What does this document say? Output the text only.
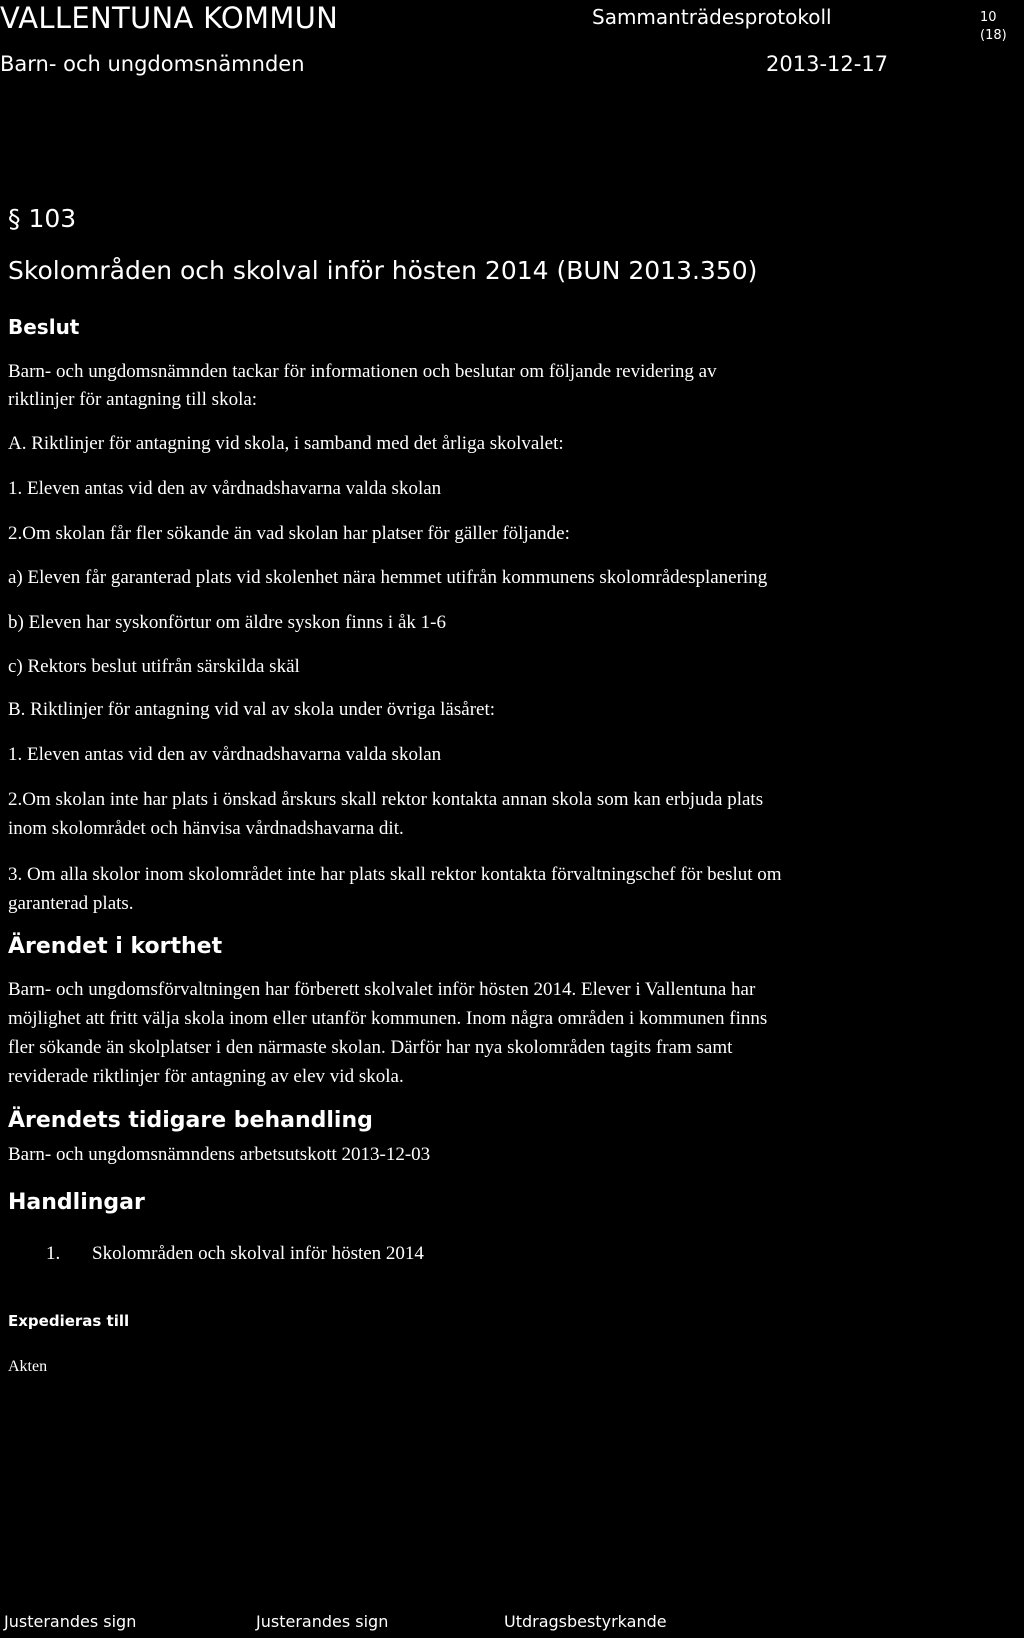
VALLENTUNA KOMMUN	Sammanträdesprotokoll	10 (18)
Barn- och ungdomsnämnden	2013-12-17
§ 103
Skolområden och skolval inför hösten 2014 (BUN 2013.350)
Beslut
Barn- och ungdomsnämnden tackar för informationen och beslutar om följande revidering av
riktlinjer för antagning till skola:
A. Riktlinjer för antagning vid skola, i samband med det årliga skolvalet:
1. Eleven antas vid den av vårdnadshavarna valda skolan
2.Om skolan får fler sökande än vad skolan har platser för gäller följande:
a) Eleven får garanterad plats vid skolenhet nära hemmet utifrån kommunens skolområdesplanering
b) Eleven har syskonförtur om äldre syskon finns i åk 1-6
c) Rektors beslut utifrån särskilda skäl
B. Riktlinjer för antagning vid val av skola under övriga läsåret:
1. Eleven antas vid den av vårdnadshavarna valda skolan
2.Om skolan inte har plats i önskad årskurs skall rektor kontakta annan skola som kan erbjuda plats
inom skolområdet och hänvisa vårdnadshavarna dit.
3. Om alla skolor inom skolområdet inte har plats skall rektor kontakta förvaltningschef för beslut om
garanterad plats.
Ärendet i korthet
Barn- och ungdomsförvaltningen har förberett skolvalet inför hösten 2014. Elever i Vallentuna har
möjlighet att fritt välja skola inom eller utanför kommunen. Inom några områden i kommunen finns
fler sökande än skolplatser i den närmaste skolan. Därför har nya skolområden tagits fram samt
reviderade riktlinjer för antagning av elev vid skola.
Ärendets tidigare behandling
Barn- och ungdomsnämndens arbetsutskott 2013-12-03
Handlingar
1.	Skolområden och skolval inför hösten 2014
Expedieras till
Akten
Justerandes sign	Justerandes sign	Utdragsbestyrkande
